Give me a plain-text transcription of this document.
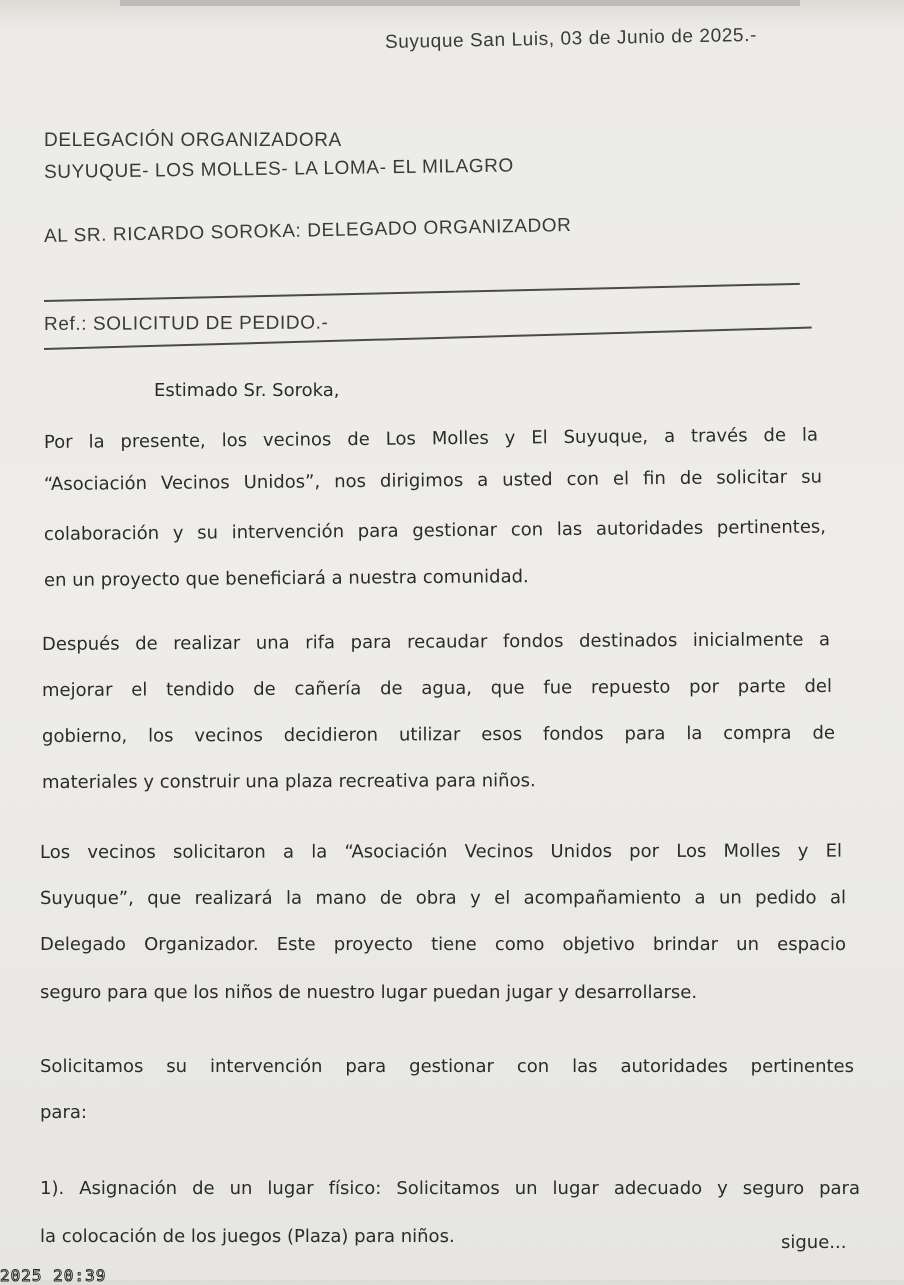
Suyuque San Luis, 03 de Junio de 2025.-
DELEGACIÓN ORGANIZADORA
SUYUQUE- LOS MOLLES- LA LOMA- EL MILAGRO
AL SR. RICARDO SOROKA: DELEGADO ORGANIZADOR
Ref.: SOLICITUD DE PEDIDO.-
Estimado Sr. Soroka,
Por la presente, los vecinos de Los Molles y El Suyuque, a través de la
“Asociación Vecinos Unidos”, nos dirigimos a usted con el fin de solicitar su
colaboración y su intervención para gestionar con las autoridades pertinentes,
en un proyecto que beneficiará a nuestra comunidad.
Después de realizar una rifa para recaudar fondos destinados inicialmente a
mejorar el tendido de cañería de agua, que fue repuesto por parte del
gobierno, los vecinos decidieron utilizar esos fondos para la compra de
materiales y construir una plaza recreativa para niños.
Los vecinos solicitaron a la “Asociación Vecinos Unidos por Los Molles y El
Suyuque”, que realizará la mano de obra y el acompañamiento a un pedido al
Delegado Organizador. Este proyecto tiene como objetivo brindar un espacio
seguro para que los niños de nuestro lugar puedan jugar y desarrollarse.
Solicitamos su intervención para gestionar con las autoridades pertinentes
para:
1). Asignación de un lugar físico: Solicitamos un lugar adecuado y seguro para
la colocación de los juegos (Plaza) para niños.	sigue...
2025 20:39
